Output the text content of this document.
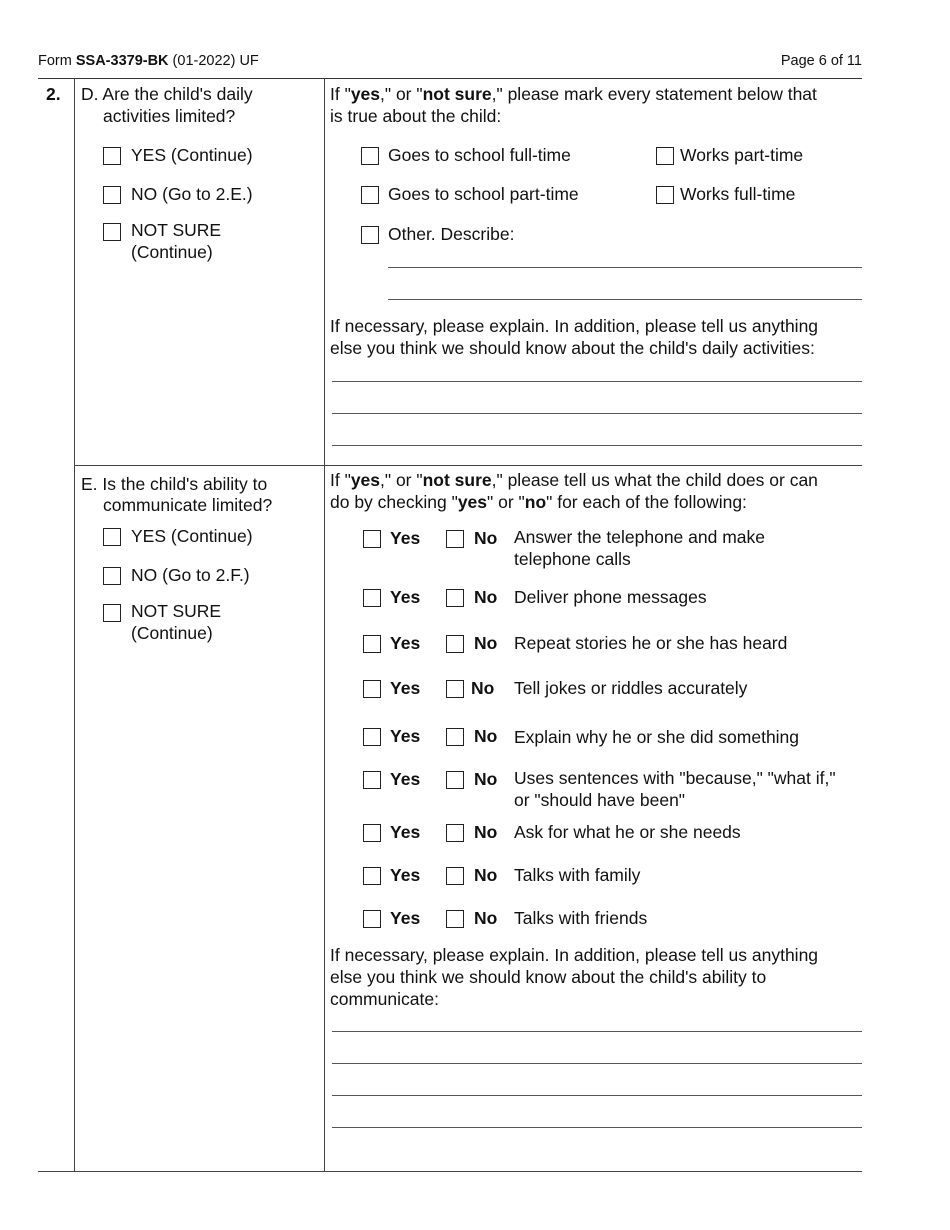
Form SSA-3379-BK (01-2022) UF	Page 6 of 11
2. D. Are the child's daily
activities limited?
YES (Continue)
NO (Go to 2.E.)
NOT SURE
(Continue)
If "yes," or "not sure," please mark every statement below that
is true about the child:
Goes to school full-time	Works part-time
Goes to school part-time	Works full-time
Other. Describe:
If necessary, please explain. In addition, please tell us anything
else you think we should know about the child's daily activities:
E. Is the child's ability to
communicate limited?
YES (Continue)
NO (Go to 2.F.)
NOT SURE
(Continue)
If "yes," or "not sure," please tell us what the child does or can
do by checking "yes" or "no" for each of the following:
Yes	No Answer the telephone and make
telephone calls
Yes	No Deliver phone messages
Yes	No Repeat stories he or she has heard
Yes	No Tell jokes or riddles accurately
Yes	No Explain why he or she did something
Yes	No Uses sentences with "because," "what if,"
or "should have been"
Yes	No Ask for what he or she needs
Yes	No Talks with family
Yes	No Talks with friends
If necessary, please explain. In addition, please tell us anything
else you think we should know about the child's ability to
communicate:
